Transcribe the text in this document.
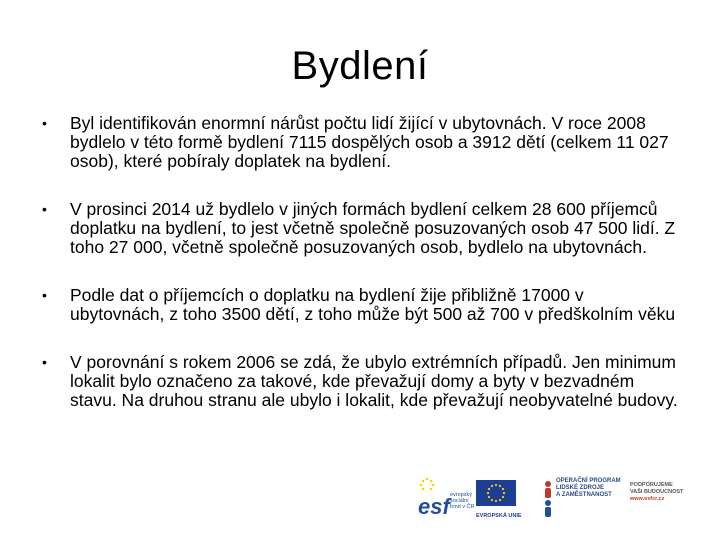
Bydlení
• Byl identifikován enormní nárůst počtu lidí žijící v ubytovnách. V roce 2008 bydlelo v této formě bydlení 7115 dospělých osob a 3912 dětí (celkem 11 027 osob), které pobíraly doplatek na bydlení.
• V prosinci 2014 už bydlelo v jiných formách bydlení celkem 28 600 příjemců doplatku na bydlení, to jest včetně společně posuzovaných osob 47 500 lidí. Z toho 27 000, včetně společně posuzovaných osob, bydlelo na ubytovnách.
• Podle dat o příjemcích o doplatku na bydlení žije přibližně 17000 v ubytovnách, z toho 3500 dětí, z toho může být 500 až 700 v předškolním věku
• V porovnání s rokem 2006 se zdá, že ubylo extrémních případů. Jen minimum lokalit bylo označeno za takové, kde převažují domy a byty v bezvadném stavu. Na druhou stranu ale ubylo i lokalit, kde převažují neobyvatelné budovy.
esf evropský
sociální
fond v ČR
EVROPSKÁ UNIE
OPERAČNÍ PROGRAM
LIDSKÉ ZDROJE
A ZAMĚSTNANOST
PODPORUJEME
VAŠI BUDOUCNOST
www.esfcr.cz
